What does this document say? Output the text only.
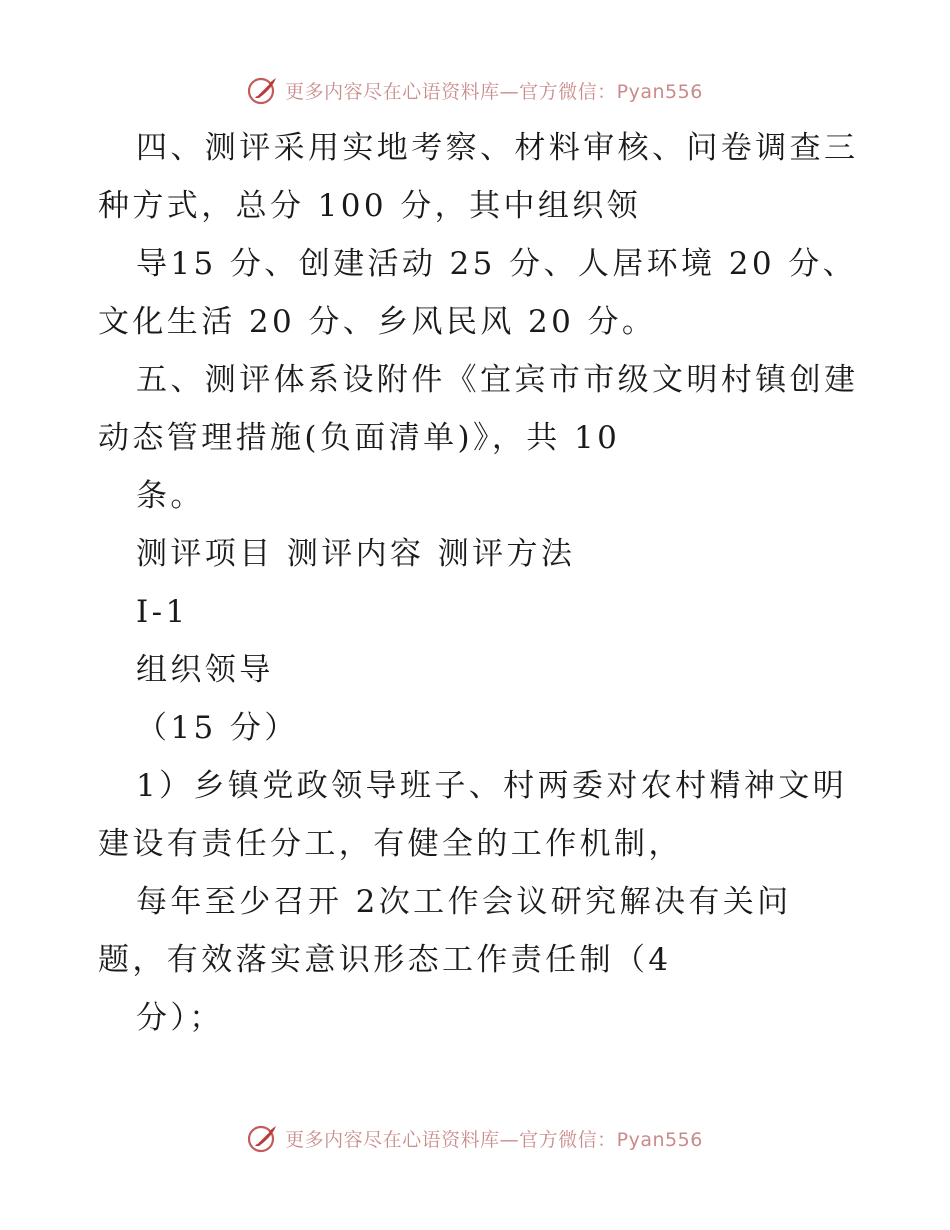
更多内容尽在心语资料库—官方微信：Pyan556
四、测评采用实地考察、材料审核、问卷调查三
种方式，总分 100 分，其中组织领
导15 分、创建活动 25 分、人居环境 20 分、
文化生活 20 分、乡风民风 20 分。
五、测评体系设附件《宜宾市市级文明村镇创建
动态管理措施(负面清单)》，共 10
条。
测评项目 测评内容 测评方法
I-1
组织领导
（15 分）
1）乡镇党政领导班子、村两委对农村精神文明
建设有责任分工，有健全的工作机制，
每年至少召开 2次工作会议研究解决有关问
题，有效落实意识形态工作责任制（4
分）；
更多内容尽在心语资料库—官方微信：Pyan556
